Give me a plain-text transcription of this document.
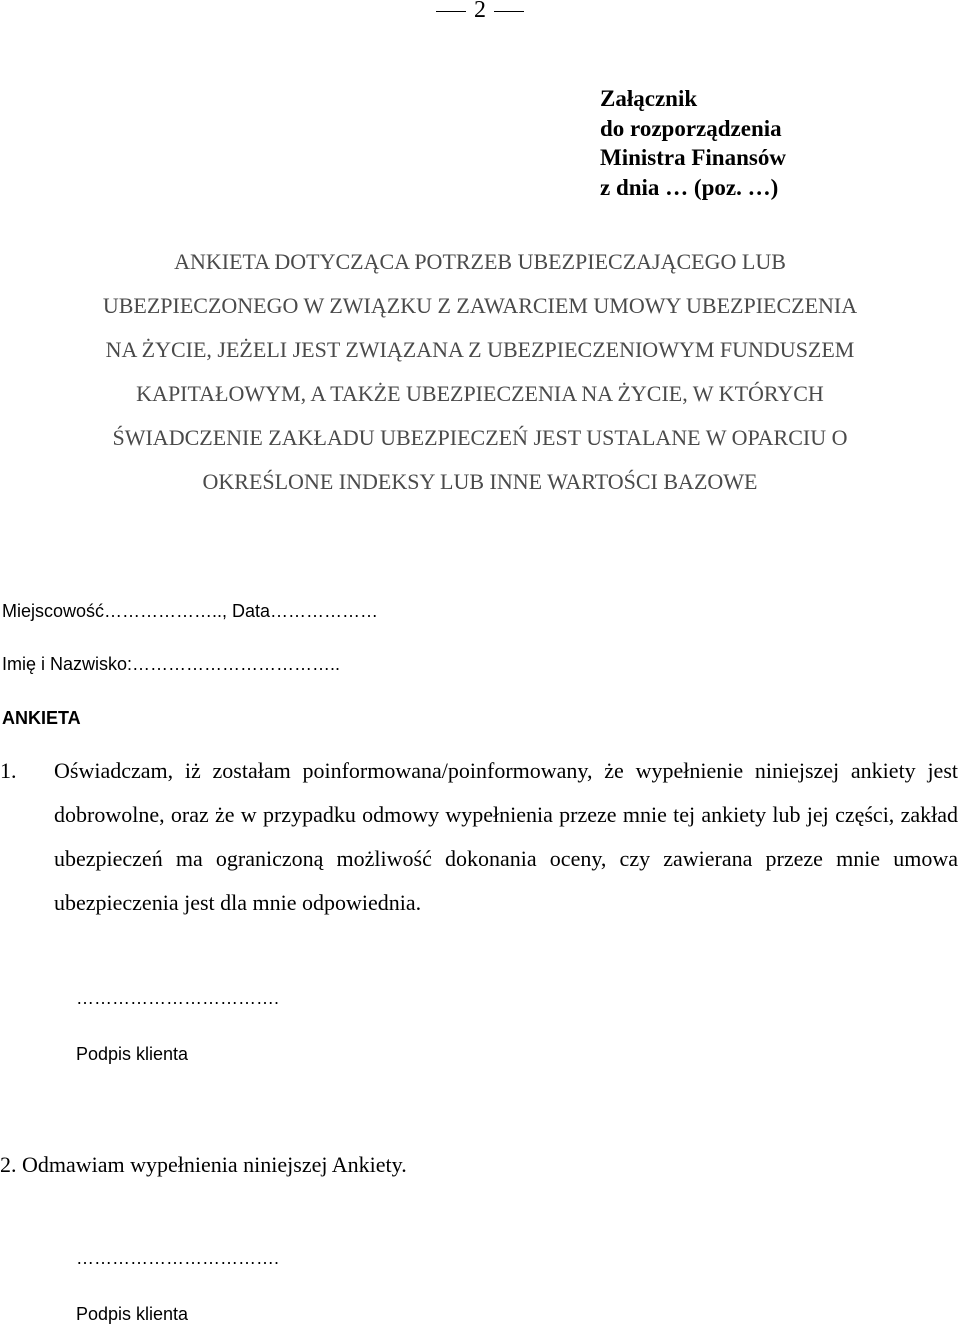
2
Załącznik
do rozporządzenia
Ministra Finansów
z dnia … (poz. …)
ANKIETA DOTYCZĄCA POTRZEB UBEZPIECZAJĄCEGO LUB
UBEZPIECZONEGO W ZWIĄZKU Z ZAWARCIEM UMOWY UBEZPIECZENIA
NA ŻYCIE, JEŻELI JEST ZWIĄZANA Z UBEZPIECZENIOWYM FUNDUSZEM
KAPITAŁOWYM, A TAKŻE UBEZPIECZENIA NA ŻYCIE, W KTÓRYCH
ŚWIADCZENIE ZAKŁADU UBEZPIECZEŃ JEST USTALANE W OPARCIU O
OKREŚLONE INDEKSY LUB INNE WARTOŚCI BAZOWE
Miejscowość……………….., Data………………
Imię i Nazwisko:……………………………..
ANKIETA
1. Oświadczam, iż zostałam poinformowana/poinformowany, że wypełnienie niniejszej ankiety jest dobrowolne, oraz że w przypadku odmowy wypełnienia przeze mnie tej ankiety lub jej części, zakład ubezpieczeń ma ograniczoną możliwość dokonania oceny, czy zawierana przeze mnie umowa ubezpieczenia jest dla mnie odpowiednia.
…………………………….
Podpis klienta
2. Odmawiam wypełnienia niniejszej Ankiety.
…………………………….
Podpis klienta
